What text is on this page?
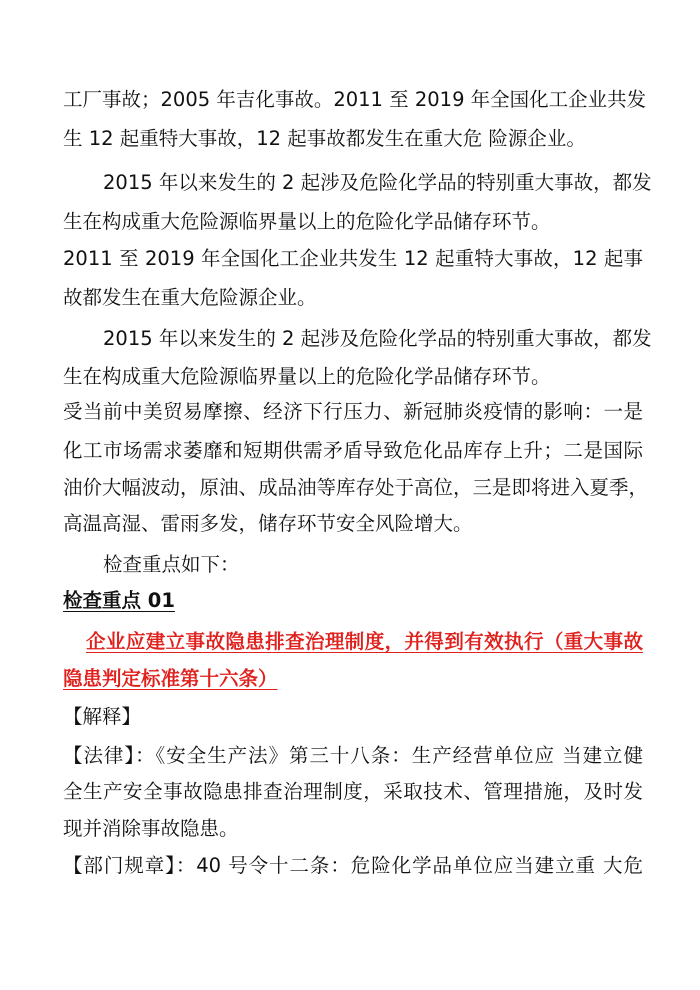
工厂事故；2005 年吉化事故。2011 至 2019 年全国化工企业共发
生 12 起重特大事故，12 起事故都发生在重大危 险源企业。
2015 年以来发生的 2 起涉及危险化学品的特别重大事故，都发
生在构成重大危险源临界量以上的危险化学品储存环节。
2011 至 2019 年全国化工企业共发生 12 起重特大事故，12 起事
故都发生在重大危险源企业。
2015 年以来发生的 2 起涉及危险化学品的特别重大事故，都发
生在构成重大危险源临界量以上的危险化学品储存环节。
受当前中美贸易摩擦、经济下行压力、新冠肺炎疫情的影响：一是
化工市场需求萎靡和短期供需矛盾导致危化品库存上升；二是国际
油价大幅波动，原油、成品油等库存处于高位，三是即将进入夏季，
高温高湿、雷雨多发，储存环节安全风险增大。
检查重点如下：
检查重点 01
企业应建立事故隐患排查治理制度，并得到有效执行（重大事故
隐患判定标准第十六条）
【解释】
【法律】：《安全生产法》第三十八条：生产经营单位应 当建立健
全生产安全事故隐患排查治理制度，采取技术、管理措施，及时发
现并消除事故隐患。
【部门规章】：40 号令十二条：危险化学品单位应当建立重 大危
